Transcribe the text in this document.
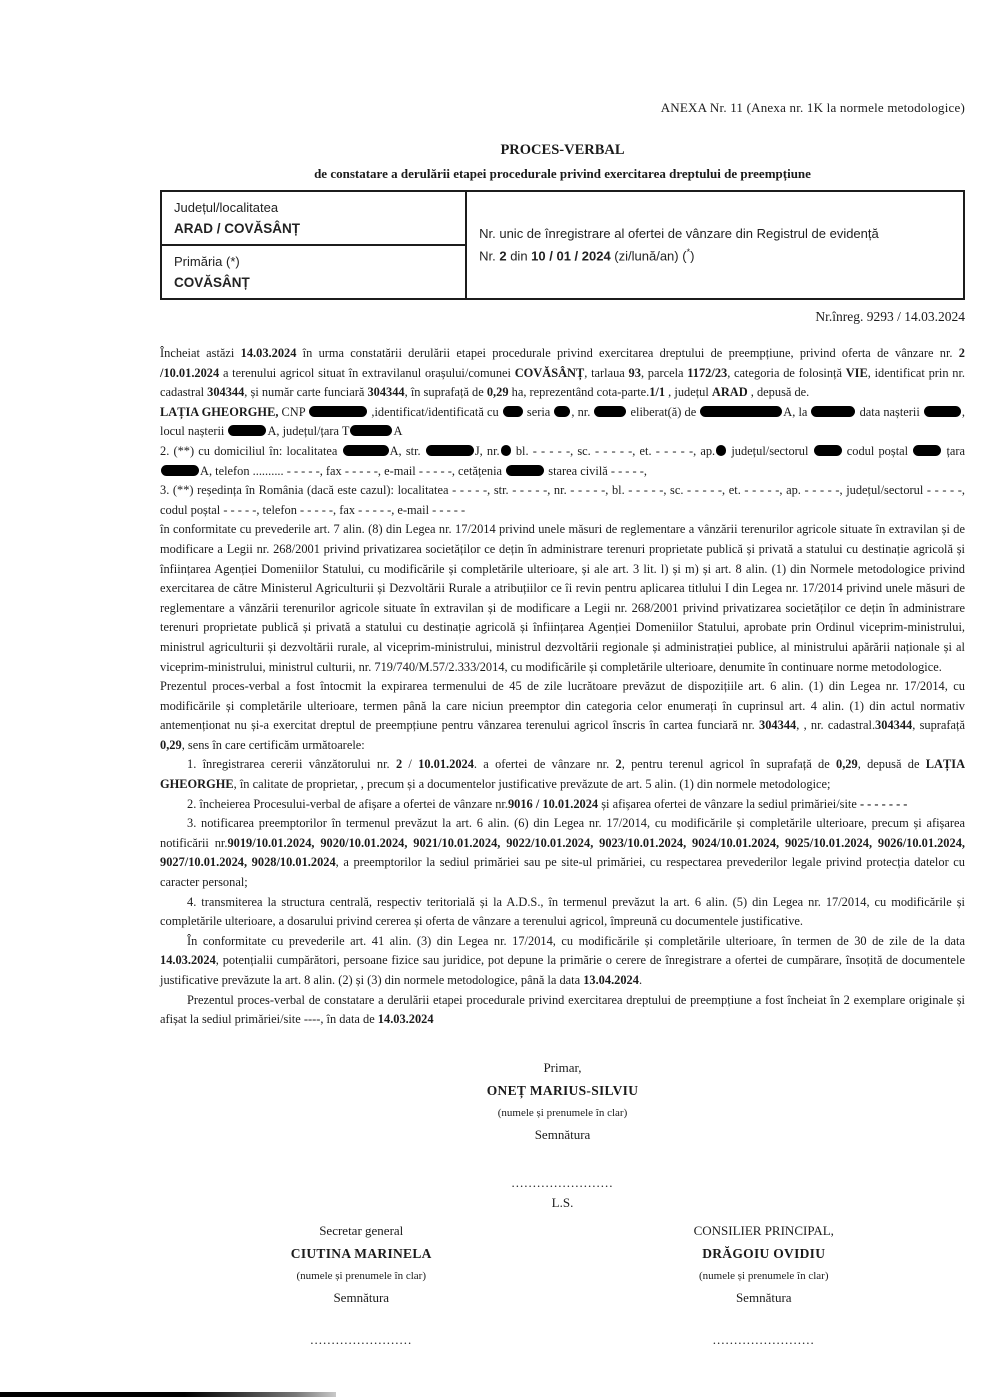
ANEXA Nr. 11 (Anexa nr. 1K la normele metodologice)
PROCES-VERBAL
de constatare a derulării etapei procedurale privind exercitarea dreptului de preempțiune
Județul/localitatea
ARAD / COVĂSÂNȚ	Nr. unic de înregistrare al ofertei de vânzare din Registrul de evidență
Nr. 2 din 10 / 01 / 2024 (zi/lună/an) (*)

Primăria (*)
COVĂSÂNȚ
Nr.înreg. 9293 / 14.03.2024

Încheiat astăzi 14.03.2024 în urma constatării derulării etapei procedurale privind exercitarea dreptului de preempțiune, privind oferta de vânzare nr. 2 /10.01.2024 a terenului agricol situat în extravilanul orașului/comunei COVĂSÂNȚ, tarlaua 93, parcela 1172/23, categoria de folosință VIE, identificat prin nr. cadastral 304344, și număr carte funciară 304344, în suprafață de 0,29 ha, reprezentând cota-parte.1/1 , județul ARAD , depusă de.

LAȚIA GHEORGHE, CNP	,identificat/identificată cu  seria , nr.	eliberat(ă) de	A, la	data nașterii	, locul nașterii	A, județul/țara T	A

2. (**) cu domiciliul în: localitatea	A, str.	J, nr. bl. - - - - -, sc. - - - - -, et. - - - - -, ap. județul/sectorul  codul poștal  țara A, telefon .......... - - - - -, fax - - - - -, e-mail - - - - -, cetățenia	starea civilă - - - - -,

3. (**) reședința în România (dacă este cazul): localitatea - - - - -, str. - - - - -, nr. - - - - -, bl. - - - - -, sc. - - - - -, et. - - - - -, ap. - - - - -, județul/sectorul - - - - -, codul poștal - - - - -, telefon - - - - -, fax - - - - -, e-mail - - - - -

în conformitate cu prevederile art. 7 alin. (8) din Legea nr. 17/2014 privind unele măsuri de reglementare a vânzării terenurilor agricole situate în extravilan și de modificare a Legii nr. 268/2001 privind privatizarea societăților ce dețin în administrare terenuri proprietate publică și privată a statului cu destinație agricolă și înființarea Agenției Domeniilor Statului, cu modificările și completările ulterioare, și ale art. 3 lit. l) și m) și art. 8 alin. (1) din Normele metodologice privind exercitarea de către Ministerul Agriculturii și Dezvoltării Rurale a atribuțiilor ce îi revin pentru aplicarea titlului I din Legea nr. 17/2014 privind unele măsuri de reglementare a vânzării terenurilor agricole situate în extravilan și de modificare a Legii nr. 268/2001 privind privatizarea societăților ce dețin în administrare terenuri proprietate publică și privată a statului cu destinație agricolă și înființarea Agenției Domeniilor Statului, aprobate prin Ordinul viceprim-ministrului, ministrul agriculturii și dezvoltării rurale, al viceprim-ministrului, ministrul dezvoltării regionale și administrației publice, al ministrului apărării naționale și al viceprim-ministrului, ministrul culturii, nr. 719/740/M.57/2.333/2014, cu modificările și completările ulterioare, denumite în continuare norme metodologice.

Prezentul proces-verbal a fost întocmit la expirarea termenului de 45 de zile lucrătoare prevăzut de dispozițiile art. 6 alin. (1) din Legea nr. 17/2014, cu modificările și completările ulterioare, termen până la care niciun preemptor din categoria celor enumerați în cuprinsul art. 4 alin. (1) din actul normativ antemenționat nu și-a exercitat dreptul de preempțiune pentru vânzarea terenului agricol înscris în cartea funciară nr. 304344, , nr. cadastral.304344, suprafață 0,29, sens în care certificăm următoarele:

1. înregistrarea cererii vânzătorului nr. 2 / 10.01.2024. a ofertei de vânzare nr. 2, pentru terenul agricol în suprafață de 0,29, depusă de LAȚIA GHEORGHE, în calitate de proprietar, , precum și a documentelor justificative prevăzute de art. 5 alin. (1) din normele metodologice;

2. încheierea Procesului-verbal de afișare a ofertei de vânzare nr.9016 / 10.01.2024 și afișarea ofertei de vânzare la sediul primăriei/site - - - - - - -

3. notificarea preemptorilor în termenul prevăzut la art. 6 alin. (6) din Legea nr. 17/2014, cu modificările și completările ulterioare, precum și afișarea notificării nr.9019/10.01.2024, 9020/10.01.2024, 9021/10.01.2024, 9022/10.01.2024, 9023/10.01.2024, 9024/10.01.2024, 9025/10.01.2024, 9026/10.01.2024, 9027/10.01.2024, 9028/10.01.2024, a preemptorilor la sediul primăriei sau pe site-ul primăriei, cu respectarea prevederilor legale privind protecția datelor cu caracter personal;

4. transmiterea la structura centrală, respectiv teritorială și la A.D.S., în termenul prevăzut la art. 6 alin. (5) din Legea nr. 17/2014, cu modificările și completările ulterioare, a dosarului privind cererea și oferta de vânzare a terenului agricol, împreună cu documentele justificative.

În conformitate cu prevederile art. 41 alin. (3) din Legea nr. 17/2014, cu modificările și completările ulterioare, în termen de 30 de zile de la data 14.03.2024, potențialii cumpărători, persoane fizice sau juridice, pot depune la primărie o cerere de înregistrare a ofertei de cumpărare, însoțită de documentele justificative prevăzute la art. 8 alin. (2) și (3) din normele metodologice, până la data 13.04.2024.

Prezentul proces-verbal de constatare a derulării etapei procedurale privind exercitarea dreptului de preempțiune a fost încheiat în 2 exemplare originale și afișat la sediul primăriei/site ----, în data de 14.03.2024

Primar,
ONEȚ MARIUS-SILVIU
(numele și prenumele în clar)
Semnătura
........................
L.S.
Secretar general
CIUTINA MARINELA
(numele și prenumele în clar)
Semnătura
........................
CONSILIER PRINCIPAL,
DRĂGOIU OVIDIU
(numele și prenumele în clar)
Semnătura
........................
